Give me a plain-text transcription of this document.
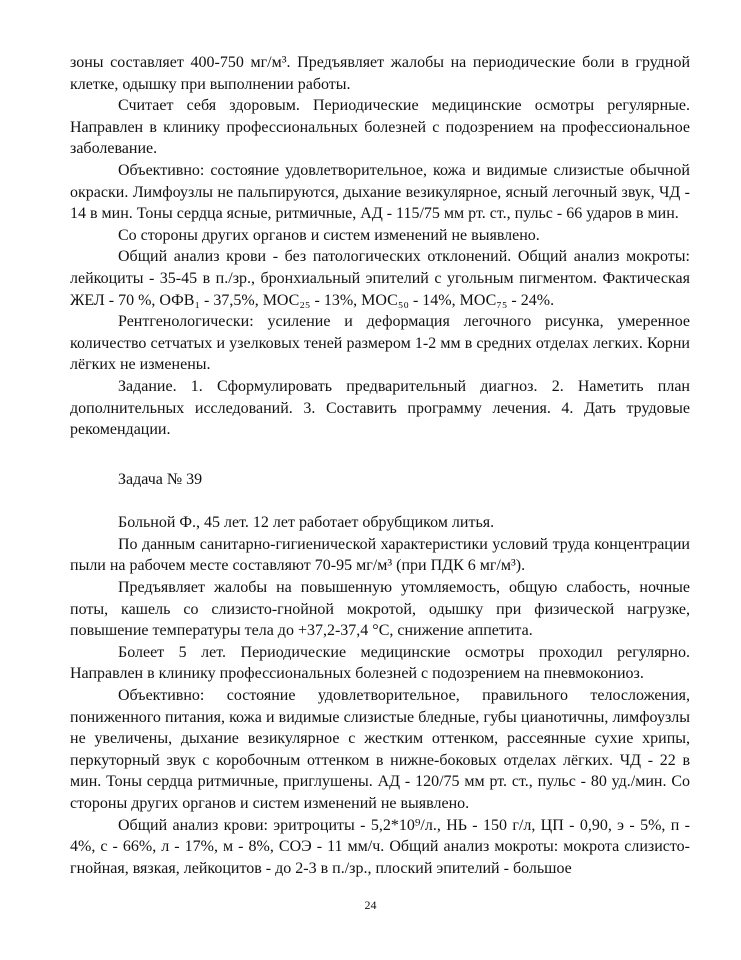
зоны составляет 400-750 мг/м³. Предъявляет жалобы на периодические боли в грудной клетке, одышку при выполнении работы.

Считает себя здоровым. Периодические медицинские осмотры регулярные. Направлен в клинику профессиональных болезней с подозрением на профессиональное заболевание.

Объективно: состояние удовлетворительное, кожа и видимые слизистые обычной окраски. Лимфоузлы не пальпируются, дыхание везикулярное, ясный легочный звук, ЧД - 14 в мин. Тоны сердца ясные, ритмичные, АД - 115/75 мм рт. ст., пульс - 66 ударов в мин.

Со стороны других органов и систем изменений не выявлено.

Общий анализ крови - без патологических отклонений. Общий анализ мокроты: лейкоциты - 35-45 в п./зр., бронхиальный эпителий с угольным пигментом. Фактическая ЖЕЛ - 70 %, ОФВ₁ - 37,5%, МОС₂₅ - 13%, МОС₅₀ - 14%, МОС₇₅ - 24%.

Рентгенологически: усиление и деформация легочного рисунка, умеренное количество сетчатых и узелковых теней размером 1-2 мм в средних отделах легких. Корни лёгких не изменены.

Задание. 1. Сформулировать предварительный диагноз. 2. Наметить план дополнительных исследований. 3. Составить программу лечения. 4. Дать трудовые рекомендации.

Задача № 39

Больной Ф., 45 лет. 12 лет работает обрубщиком литья.

По данным санитарно-гигиенической характеристики условий труда концентрации пыли на рабочем месте составляют 70-95 мг/м³ (при ПДК 6 мг/м³).

Предъявляет жалобы на повышенную утомляемость, общую слабость, ночные поты, кашель со слизисто-гнойной мокротой, одышку при физической нагрузке, повышение температуры тела до +37,2-37,4 °С, снижение аппетита.

Болеет 5 лет. Периодические медицинские осмотры проходил регулярно. Направлен в клинику профессиональных болезней с подозрением на пневмокониоз.

Объективно: состояние удовлетворительное, правильного телосложения, пониженного питания, кожа и видимые слизистые бледные, губы цианотичны, лимфоузлы не увеличены, дыхание везикулярное с жестким оттенком, рассеянные сухие хрипы, перкуторный звук с коробочным оттенком в нижне-боковых отделах лёгких. ЧД - 22 в мин. Тоны сердца ритмичные, приглушены. АД - 120/75 мм рт. ст., пульс - 80 уд./мин. Со стороны других органов и систем изменений не выявлено.

Общий анализ крови: эритроциты - 5,2*10⁹/л., НЬ - 150 г/л, ЦП - 0,90, э - 5%, п - 4%, с - 66%, л - 17%, м - 8%, СОЭ - 11 мм/ч. Общий анализ мокроты: мокрота слизисто-гнойная, вязкая, лейкоцитов - до 2-3 в п./зр., плоский эпителий - большое

24
